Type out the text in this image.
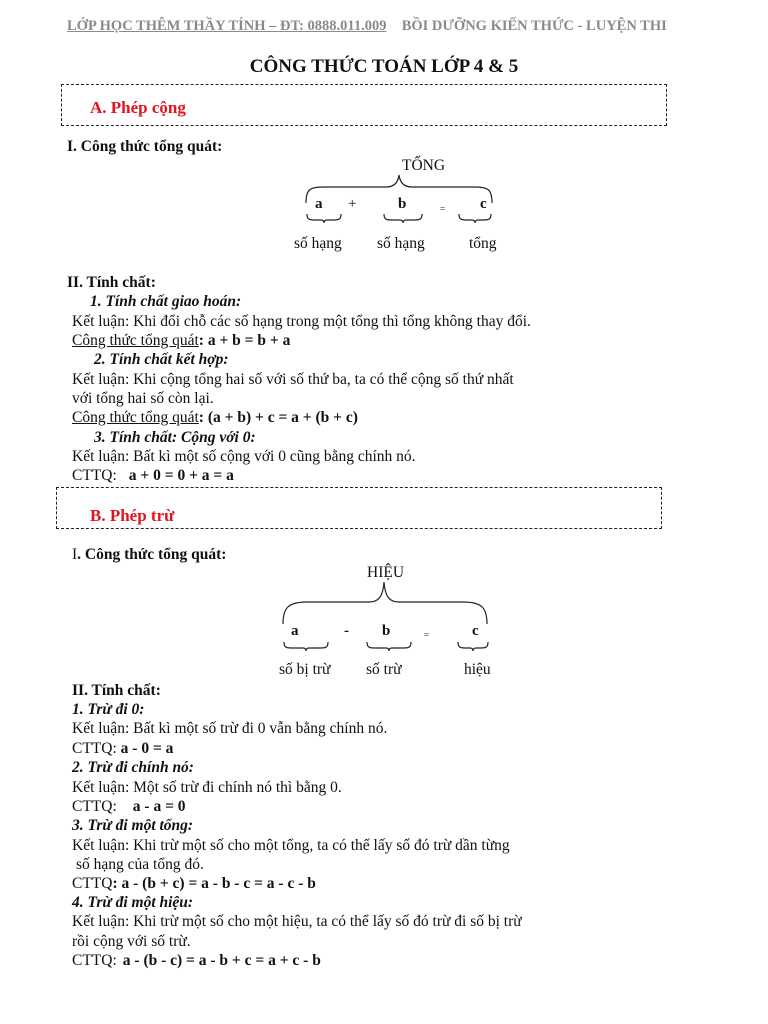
LỚP HỌC THÊM THẦY TÍNH – ĐT: 0888.011.009 BỒI DƯỠNG KIẾN THỨC - LUYỆN THI
CÔNG THỨC TOÁN LỚP 4 & 5
A. Phép cộng
I. Công thức tổng quát:
TỔNG
a +	b	= c
số hạng số hạng	tổng
II. Tính chất:
1. Tính chất giao hoán:
Kết luận: Khi đổi chỗ các số hạng trong một tổng thì tổng không thay đổi.
Công thức tổng quát: a + b = b + a
2. Tính chất kết hợp:
Kết luận: Khi cộng tổng hai số với số thứ ba, ta có thể cộng số thứ nhất
với tổng hai số còn lại.
Công thức tổng quát: (a + b) + c = a + (b + c)
3. Tính chất: Cộng với 0:
Kết luận: Bất kì một số cộng với 0 cũng bằng chính nó.
CTTQ: a + 0 = 0 + a = a
B. Phép trừ
I. Công thức tổng quát:
HIỆU
a	- b	=	c
số bị trừ số trừ	hiệu
II. Tính chất:
1. Trừ đi 0:
Kết luận: Bất kì một số trừ đi 0 vẫn bằng chính nó.
CTTQ: a - 0 = a
2. Trừ đi chính nó:
Kết luận: Một số trừ đi chính nó thì bằng 0.
CTTQ: a - a = 0
3. Trừ đi một tổng:
Kết luận: Khi trừ một số cho một tổng, ta có thể lấy số đó trừ dần từng
số hạng của tổng đó.
CTTQ: a - (b + c) = a - b - c = a - c - b
4. Trừ đi một hiệu:
Kết luận: Khi trừ một số cho một hiệu, ta có thể lấy số đó trừ đi số bị trừ
rồi cộng với số trừ.
CTTQ: a - (b - c) = a - b + c = a + c - b
